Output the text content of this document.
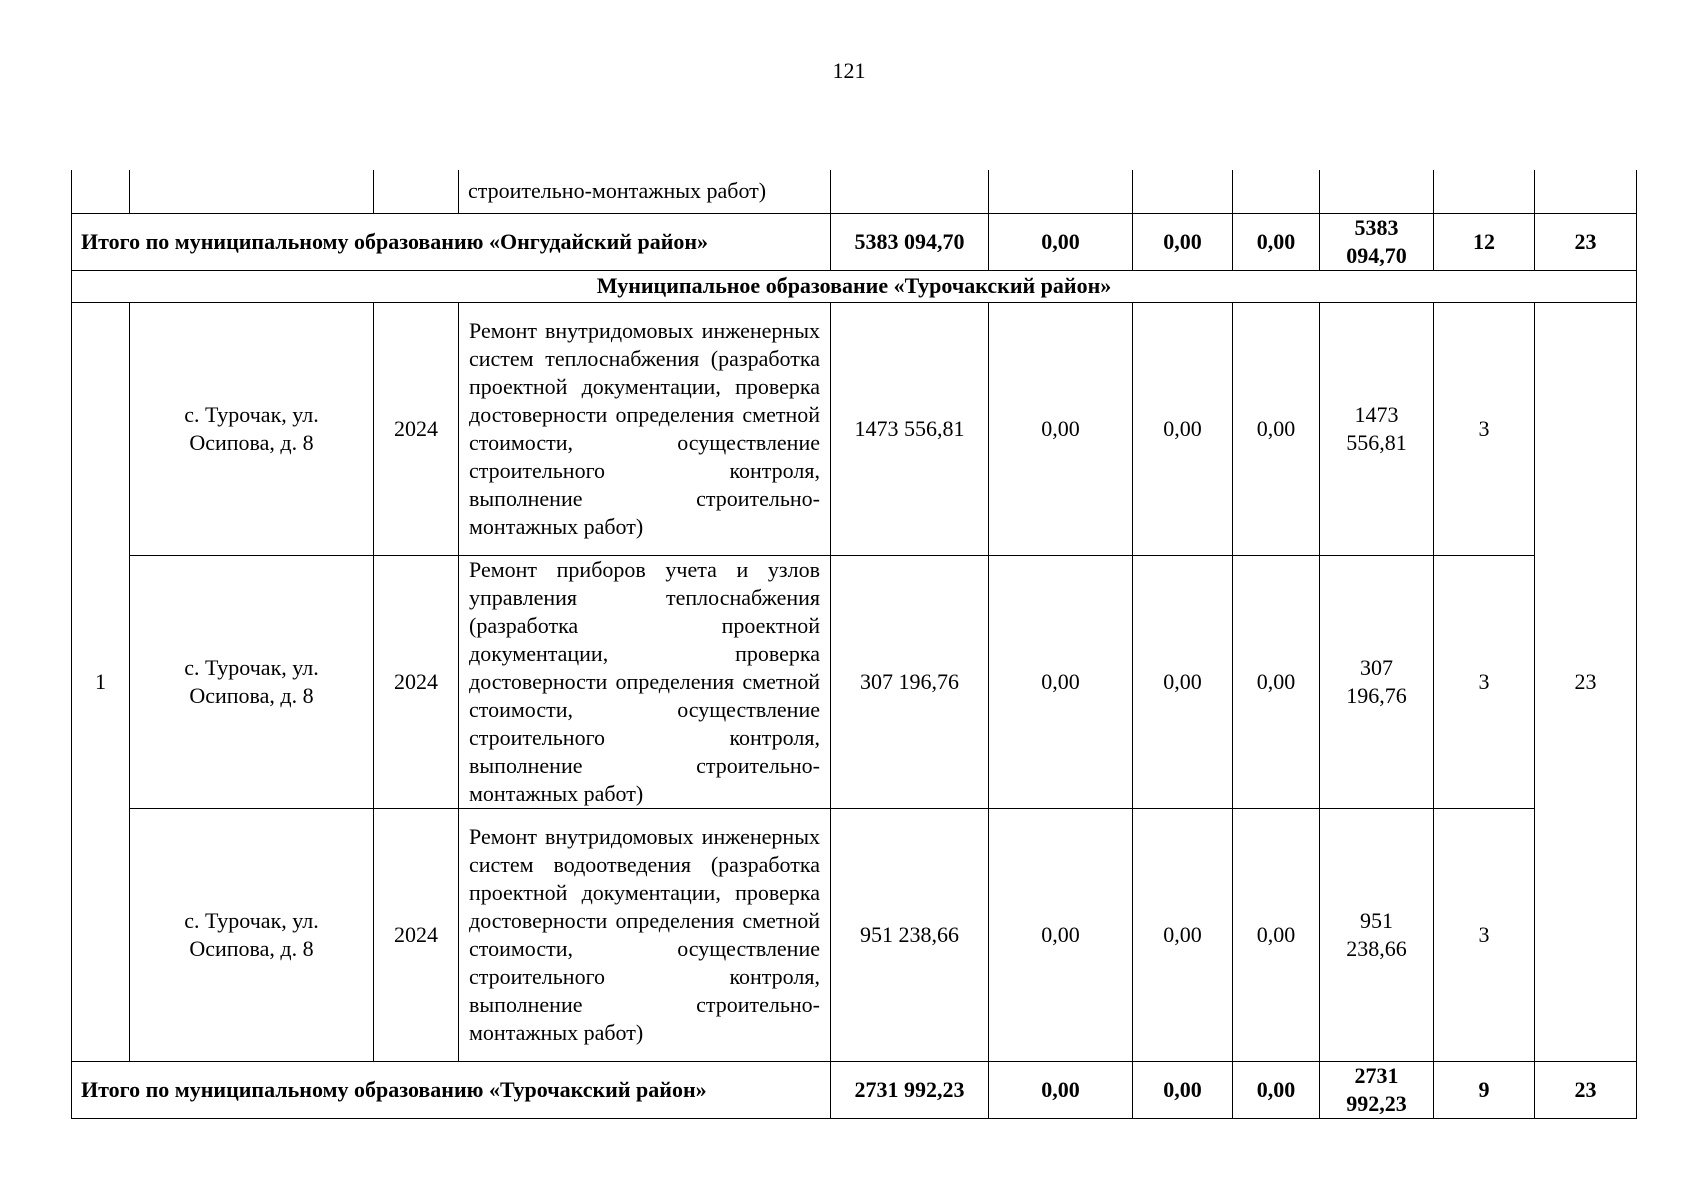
121
			строительно-монтажных работ)							
Итого по муниципальному образованию «Онгудайский район»				5383 094,70	0,00	0,00	0,00	5383 094,70	12	23
Муниципальное образование «Турочакский район»										
1	с. Турочак, ул. Осипова, д. 8	2024	Ремонт внутридомовых инженерных систем теплоснабжения (разработка проектной документации, проверка достоверности определения сметной стоимости, осуществление строительного контроля, выполнение строительно-монтажных работ)	1473 556,81	0,00	0,00	0,00	1473 556,81	3	23
	с. Турочак, ул. Осипова, д. 8	2024	Ремонт приборов учета и узлов управления теплоснабжения (разработка проектной документации, проверка достоверности определения сметной стоимости, осуществление строительного контроля, выполнение строительно-монтажных работ)	307 196,76	0,00	0,00	0,00	307 196,76	3	
	с. Турочак, ул. Осипова, д. 8	2024	Ремонт внутридомовых инженерных систем водоотведения (разработка проектной документации, проверка достоверности определения сметной стоимости, осуществление строительного контроля, выполнение строительно-монтажных работ)	951 238,66	0,00	0,00	0,00	951 238,66	3	
Итого по муниципальному образованию «Турочакский район»				2731 992,23	0,00	0,00	0,00	2731 992,23	9	23
